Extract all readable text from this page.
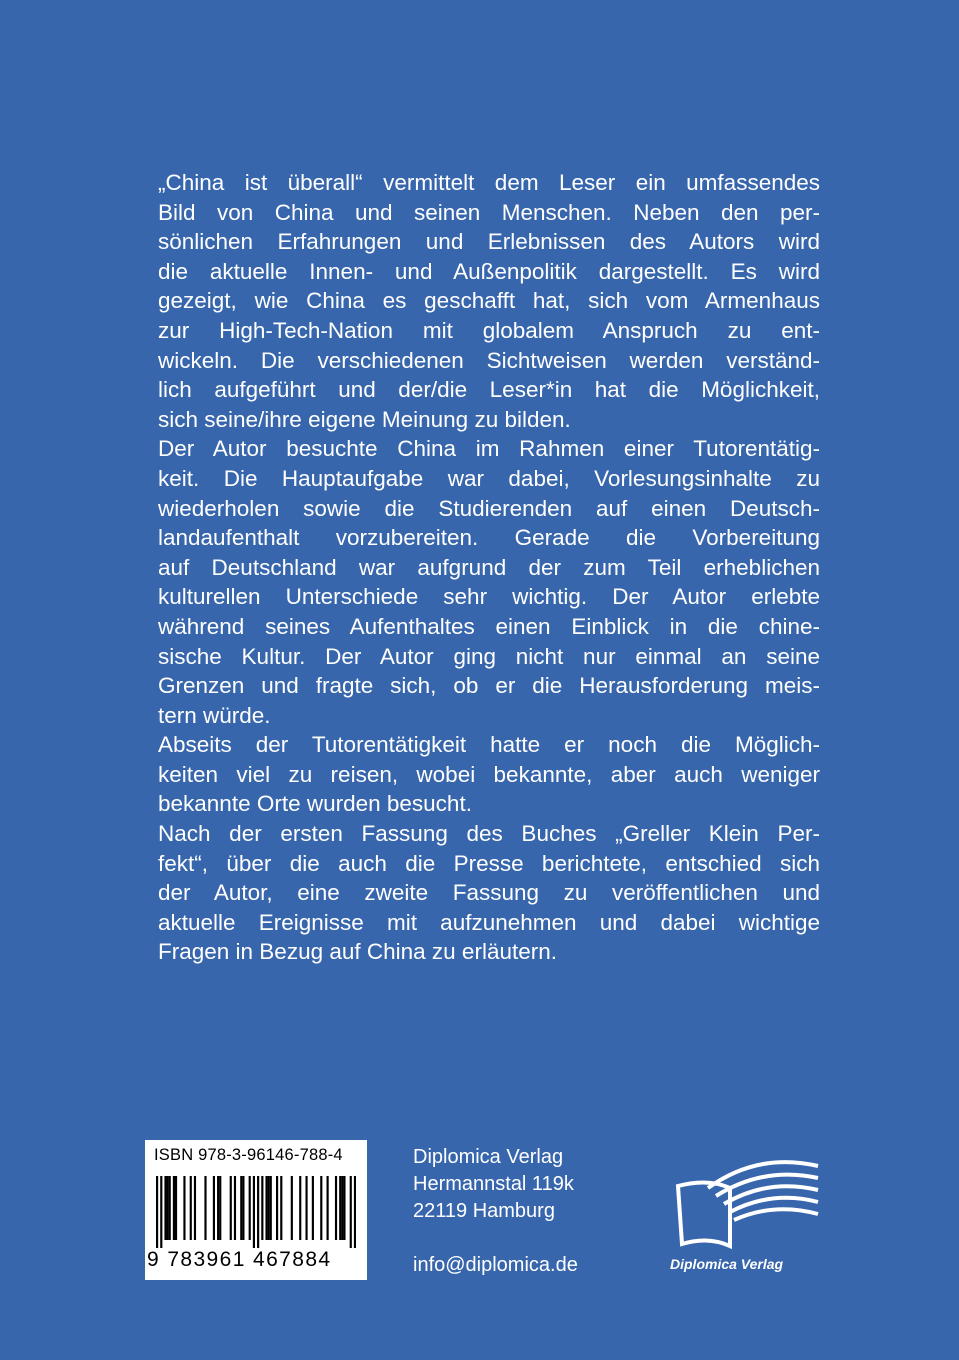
„China ist überall“ vermittelt dem Leser ein umfassendes
Bild von China und seinen Menschen. Neben den per-
sönlichen Erfahrungen und Erlebnissen des Autors wird
die aktuelle Innen- und Außenpolitik dargestellt. Es wird
gezeigt, wie China es geschafft hat, sich vom Armenhaus
zur High-Tech-Nation mit globalem Anspruch zu ent-
wickeln. Die verschiedenen Sichtweisen werden verständ-
lich aufgeführt und der/die Leser*in hat die Möglichkeit,
sich seine/ihre eigene Meinung zu bilden.

Der Autor besuchte China im Rahmen einer Tutorentätig-
keit. Die Hauptaufgabe war dabei, Vorlesungsinhalte zu
wiederholen sowie die Studierenden auf einen Deutsch-
landaufenthalt vorzubereiten. Gerade die Vorbereitung
auf Deutschland war aufgrund der zum Teil erheblichen
kulturellen Unterschiede sehr wichtig. Der Autor erlebte
während seines Aufenthaltes einen Einblick in die chine-
sische Kultur. Der Autor ging nicht nur einmal an seine
Grenzen und fragte sich, ob er die Herausforderung meis-
tern würde.

Abseits der Tutorentätigkeit hatte er noch die Möglich-
keiten viel zu reisen, wobei bekannte, aber auch weniger
bekannte Orte wurden besucht.

Nach der ersten Fassung des Buches „Greller Klein Per-
fekt“, über die auch die Presse berichtete, entschied sich
der Autor, eine zweite Fassung zu veröffentlichen und
aktuelle Ereignisse mit aufzunehmen und dabei wichtige
Fragen in Bezug auf China zu erläutern.

ISBN 978-3-96146-788-4
9 783961 467884
Diplomica Verlag
Hermannstal 119k
22119 Hamburg
info@diplomica.de	Diplomica Verlag
